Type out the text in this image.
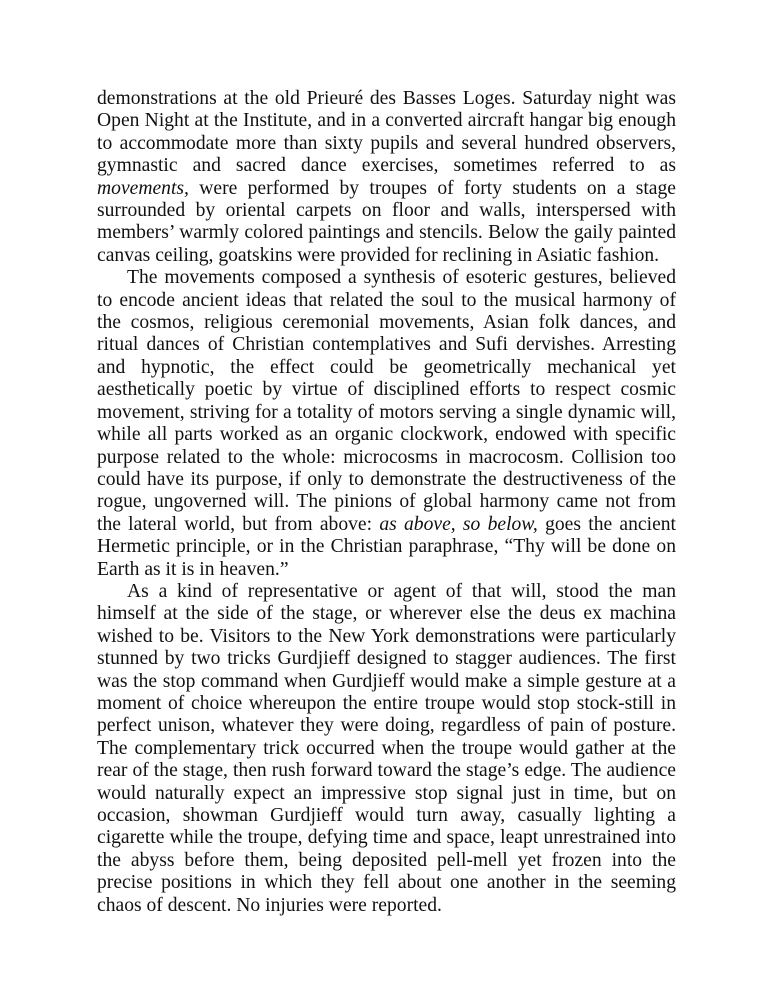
demonstrations at the old Prieuré des Basses Loges. Saturday night was Open Night at the Institute, and in a converted aircraft hangar big enough to accommodate more than sixty pupils and several hundred observers, gymnastic and sacred dance exercises, sometimes referred to as movements, were performed by troupes of forty students on a stage surrounded by oriental carpets on floor and walls, interspersed with members’ warmly colored paintings and stencils. Below the gaily painted canvas ceiling, goatskins were provided for reclining in Asiatic fashion.

The movements composed a synthesis of esoteric gestures, believed to encode ancient ideas that related the soul to the musical harmony of the cosmos, religious ceremonial movements, Asian folk dances, and ritual dances of Christian contemplatives and Sufi dervishes. Arresting and hypnotic, the effect could be geometrically mechanical yet aesthetically poetic by virtue of disciplined efforts to respect cosmic movement, striving for a totality of motors serving a single dynamic will, while all parts worked as an organic clockwork, endowed with specific purpose related to the whole: microcosms in macrocosm. Collision too could have its purpose, if only to demonstrate the destructiveness of the rogue, ungoverned will. The pinions of global harmony came not from the lateral world, but from above: as above, so below, goes the ancient Hermetic principle, or in the Christian paraphrase, “Thy will be done on Earth as it is in heaven.”

As a kind of representative or agent of that will, stood the man himself at the side of the stage, or wherever else the deus ex machina wished to be. Visitors to the New York demonstrations were particularly stunned by two tricks Gurdjieff designed to stagger audiences. The first was the stop command when Gurdjieff would make a simple gesture at a moment of choice whereupon the entire troupe would stop stock-still in perfect unison, whatever they were doing, regardless of pain of posture. The complementary trick occurred when the troupe would gather at the rear of the stage, then rush forward toward the stage’s edge. The audience would naturally expect an impressive stop signal just in time, but on occasion, showman Gurdjieff would turn away, casually lighting a cigarette while the troupe, defying time and space, leapt unrestrained into the abyss before them, being deposited pell-mell yet frozen into the precise positions in which they fell about one another in the seeming chaos of descent. No injuries were reported.
